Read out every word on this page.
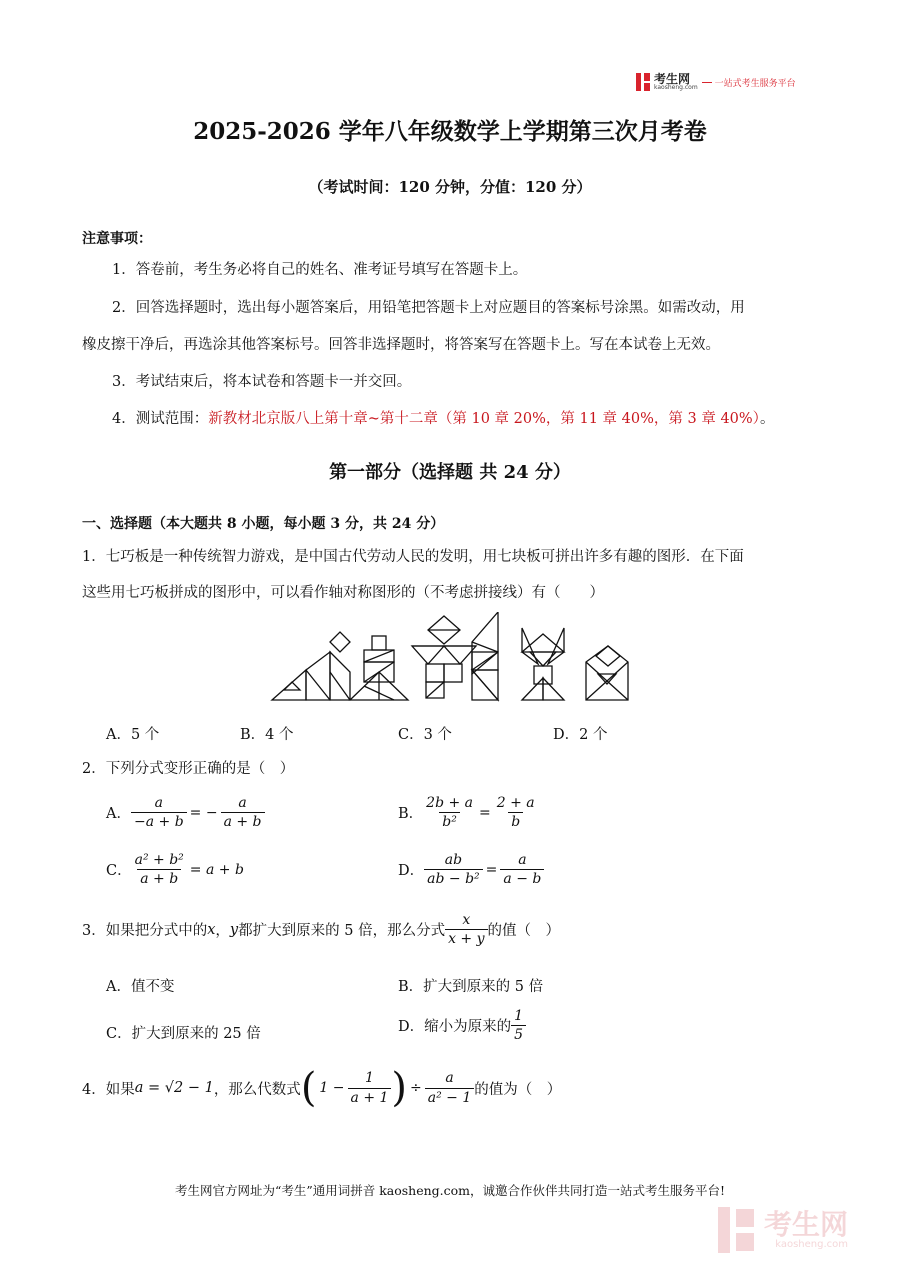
考生网
kaosheng.com 一站式考生服务平台
2025-2026 学年八年级数学上学期第三次月考卷
（考试时间：120 分钟，分值：120 分）
注意事项：
1．答卷前，考生务必将自己的姓名、准考证号填写在答题卡上。
2．回答选择题时，选出每小题答案后，用铅笔把答题卡上对应题目的答案标号涂黑。如需改动，用
橡皮擦干净后，再选涂其他答案标号。回答非选择题时，将答案写在答题卡上。写在本试卷上无效。
3．考试结束后，将本试卷和答题卡一并交回。
4．测试范围：新教材北京版八上第十章~第十二章（第 10 章 20%，第 11 章 40%，第 3 章 40%）。
第一部分（选择题 共 24 分）
一、选择题（本大题共 8 小题，每小题 3 分，共 24 分）
1．七巧板是一种传统智力游戏，是中国古代劳动人民的发明，用七块板可拼出许多有趣的图形．在下面
这些用七巧板拼成的图形中，可以看作轴对称图形的（不考虑拼接线）有（　　）
A．5 个	B．4 个	C．3 个	D．2 个
2．下列分式变形正确的是（　）
A． $\frac{a}{-a + b}$ = − $\frac{a}{a + b}$	B． $\frac{2b + a}{\text{b²}} = \frac{2 + a}{b}$
C． $\frac{\text{a² + b²}}{a + b} = a + b$	D． $\frac{ab}{\text{ab − b²}} = \frac{a}{a - b}$
3．如果把分式中的 x ， y 都扩大到原来的 5 倍，那么分式 $\frac{x}{x + y}$ 的值（　）
A．值不变	B．扩大到原来的 5 倍
C．扩大到原来的 25 倍	D．缩小为原来的 $\frac{1}{5}$
4．如果 a = √2 − 1 ，那么代数式 ( $1 - \frac{1}{a + 1}$ ) ÷ $\frac{a}{\text{a² − 1}}$ 的值为（　）
考生网官方网址为“考生”通用词拼音 kaosheng.com，诚邀合作伙伴共同打造一站式考生服务平台!
考生网
kaosheng.com
